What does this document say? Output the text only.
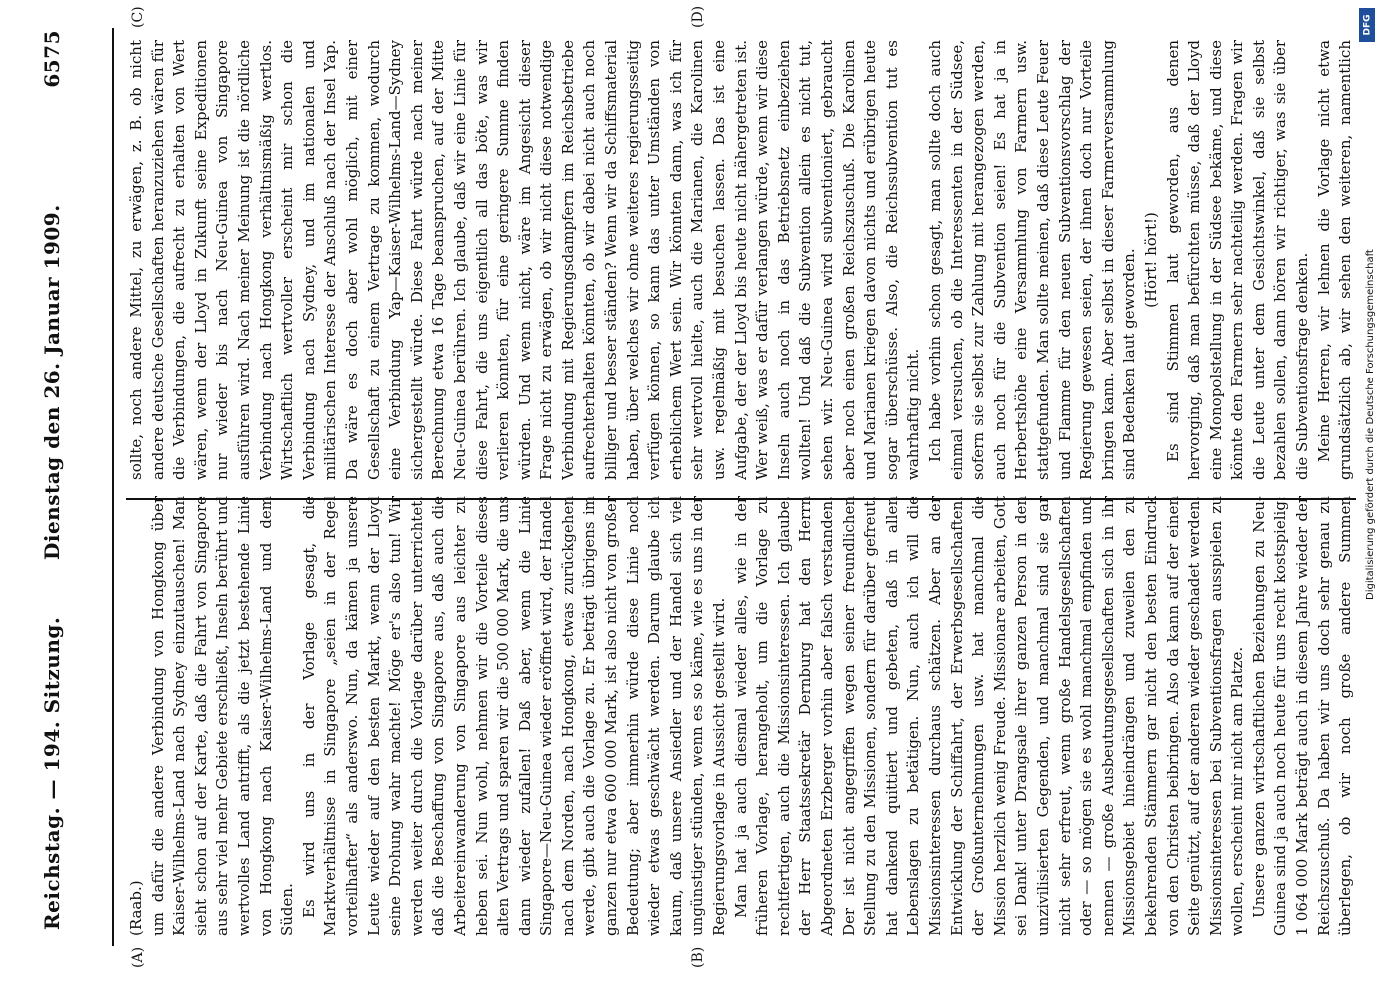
Reichstag. — 194. Sitzung.
Dienstag den 26. Januar 1909.
6575
(A)	(B)
(C)	(D)

(Raab.) um dafür die andere Verbindung von Hongkong über Kaiser-Wilhelms-Land nach Sydney einzutauschen! Man sieht schon auf der Karte, daß die Fahrt von Singapore aus sehr viel mehr Gebiete erschließt, Inseln berührt und wertvolles Land antrifft, als die jetzt bestehende Linie von Hongkong nach Kaiser-Wilhelms-Land und dem Süden. Es wird uns in der Vorlage gesagt, die Marktverhältnisse in Singapore „seien in der Regel vorteilhafter“ als anderswo. Nun, da kämen ja unsere Leute wieder auf den besten Markt, wenn der Lloyd seine Drohung wahr machte! Möge er's also tun! Wir werden weiter durch die Vorlage darüber unterrichtet, daß die Beschaffung von Singapore aus, daß auch die Arbeitereinwanderung von Singapore aus leichter zu heben sei. Nun wohl, nehmen wir die Vorteile dieses alten Vertrags und sparen wir die 500 000 Mark, die uns dann wieder zufallen! Daß aber, wenn die Linie Singapore—Neu-Guinea wieder eröffnet wird, der Handel nach dem Norden, nach Hongkong, etwas zurückgehen werde, gibt auch die Vorlage zu. Er beträgt übrigens im ganzen nur etwa 600 000 Mark, ist also nicht von großer Bedeutung; aber immerhin würde diese Linie noch wieder etwas geschwächt werden. Darum glaube ich kaum, daß unsere Ansiedler und der Handel sich viel ungünstiger stünden, wenn es so käme, wie es uns in der Regierungsvorlage in Aussicht gestellt wird. Man hat ja auch diesmal wieder alles, wie in der früheren Vorlage, herangeholt, um die Vorlage zu rechtfertigen, auch die Missionsinteressen. Ich glaube, der Herr Staatssekretär Dernburg hat den Herrn Abgeordneten Erzberger vorhin aber falsch verstanden. Der ist nicht angegriffen wegen seiner freundlichen Stellung zu den Missionen, sondern für darüber gefreut, hat dankend quittiert und gebeten, daß in allen Lebenslagen zu betätigen. Nun, auch ich will die Missionsinteressen durchaus schätzen. Aber an der Entwicklung der Schiffahrt, der Erwerbsgesellschaften, der Großunternehmungen usw. hat manchmal die Mission herzlich wenig Freude. Missionare arbeiten, Gott sei Dank! unter Drangsale ihrer ganzen Person in den unzivilisierten Gegenden, und manchmal sind sie gar nicht sehr erfreut, wenn große Handelsgesellschaften oder — so mögen sie es wohl manchmal empfinden und nennen — große Ausbeutungsgesellschaften sich in ihr Missionsgebiet hineindrängen und zuweilen den zu bekehrenden Stämmern gar nicht den besten Eindruck von den Christen beibringen. Also da kann auf der einen Seite genützt, auf der anderen wieder geschadet werden. Missionsinteressen bei Subventionsfragen ausspielen zu wollen, erscheint mir nicht am Platze. Unsere ganzen wirtschaftlichen Beziehungen zu Neu-Guinea sind ja auch noch heute für uns recht kostspielig: 1 064 000 Mark beträgt auch in diesem Jahre wieder der Reichszuschuß. Da haben wir uns doch sehr genau zu überlegen, ob wir noch große andere Summen

sollte, noch andere Mittel, zu erwägen, z. B. ob nicht andere deutsche Gesellschaften heranzuziehen wären für die Verbindungen, die aufrecht zu erhalten von Wert wären, wenn der Lloyd in Zukunft seine Expeditionen nur wieder bis nach Neu-Guinea von Singapore ausführen wird. Nach meiner Meinung ist die nördliche Verbindung nach Hongkong verhältnismäßig wertlos. Wirtschaftlich wertvoller erscheint mir schon die Verbindung nach Sydney, und im nationalen und militärischen Interesse der Anschluß nach der Insel Yap. Da wäre es doch aber wohl möglich, mit einer Gesellschaft zu einem Vertrage zu kommen, wodurch eine Verbindung Yap—Kaiser-Wilhelms-Land—Sydney sichergestellt würde. Diese Fahrt würde nach meiner Berechnung etwa 16 Tage beanspruchen, auf der Mitte Neu-Guinea berühren. Ich glaube, daß wir eine Linie für diese Fahrt, die uns eigentlich all das böte, was wir verlieren könnten, für eine geringere Summe finden würden. Und wenn nicht, wäre im Angesicht dieser Frage nicht zu erwägen, ob wir nicht diese notwendige Verbindung mit Regierungsdampfern im Reichsbetriebe aufrechterhalten könnten, ob wir dabei nicht auch noch billiger und besser ständen? Wenn wir da Schiffsmaterial haben, über welches wir ohne weiteres regierungsseitig verfügen können, so kann das unter Umständen von erheblichem Wert sein. Wir könnten dann, was ich für sehr wertvoll hielte, auch die Marianen, die Karolinen usw. regelmäßig mit besuchen lassen. Das ist eine Aufgabe, der der Lloyd bis heute nicht nähergetreten ist. Wer weiß, was er dafür verlangen würde, wenn wir diese Inseln auch noch in das Betriebsnetz einbeziehen wollten! Und daß die Subvention allein es nicht tut, sehen wir. Neu-Guinea wird subventioniert, gebraucht aber noch einen großen Reichszuschuß. Die Karolinen und Marianen kriegen davon nichts und erübrigen heute sogar überschüsse. Also, die Reichssubvention tut es wahrhaftig nicht. Ich habe vorhin schon gesagt, man sollte doch auch einmal versuchen, ob die Interessenten in der Südsee, sofern sie selbst zur Zahlung mit herangezogen werden, auch noch für die Subvention seien! Es hat ja in Herbertshöhe eine Versammlung von Farmern usw. stattgefunden. Man sollte meinen, daß diese Leute Feuer und Flamme für den neuen Subventionsvorschlag der Regierung gewesen seien, der ihnen doch nur Vorteile bringen kann. Aber selbst in dieser Farmerversammlung sind Bedenken laut geworden. (Hört! hört!) Es sind Stimmen laut geworden, aus denen hervorging, daß man befürchten müsse, daß der Lloyd eine Monopolstellung in der Südsee bekäme, und diese könnte den Farmern sehr nachteilig werden. Fragen wir die Leute unter dem Gesichtswinkel, daß sie selbst bezahlen sollen, dann hören wir richtiger, was sie über die Subventionsfrage denken. Meine Herren, wir lehnen die Vorlage nicht etwa grundsätzlich ab, wir sehen den weiteren, namentlich

DFG
Digitalisierung gefördert durch die Deutsche Forschungsgemeinschaft
